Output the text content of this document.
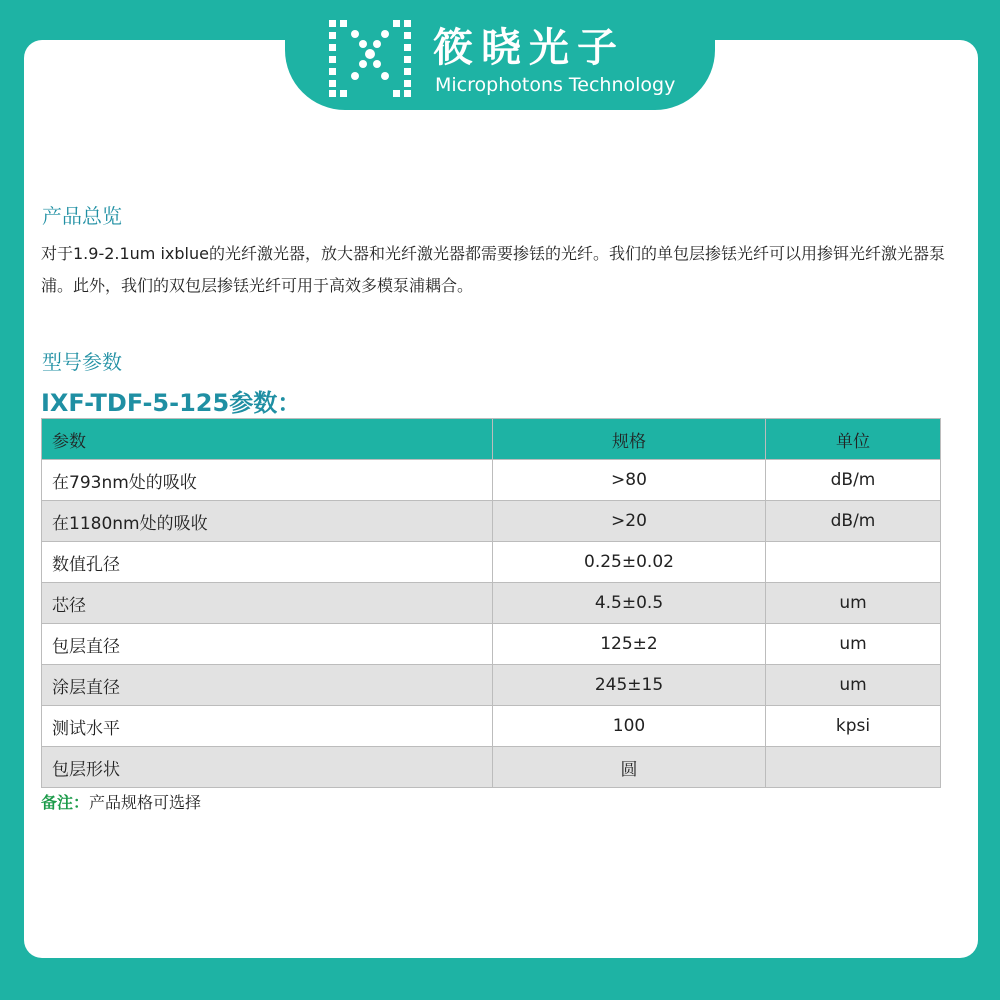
筱晓光子
Microphotons Technology
产品总览
对于1.9-2.1um ixblue的光纤激光器，放大器和光纤激光器都需要掺铥的光纤。我们的单包层掺铥光纤可以用掺铒光纤激光器泵浦。此外，我们的双包层掺铥光纤可用于高效多模泵浦耦合。
型号参数
IXF-TDF-5-125参数：
参数	规格	单位
在793nm处的吸收	>80	dB/m
在1180nm处的吸收	>20	dB/m
数值孔径	0.25±0.02	
芯径	4.5±0.5	um
包层直径	125±2	um
涂层直径	245±15	um
测试水平	100	kpsi
包层形状	圆	
备注：产品规格可选择
